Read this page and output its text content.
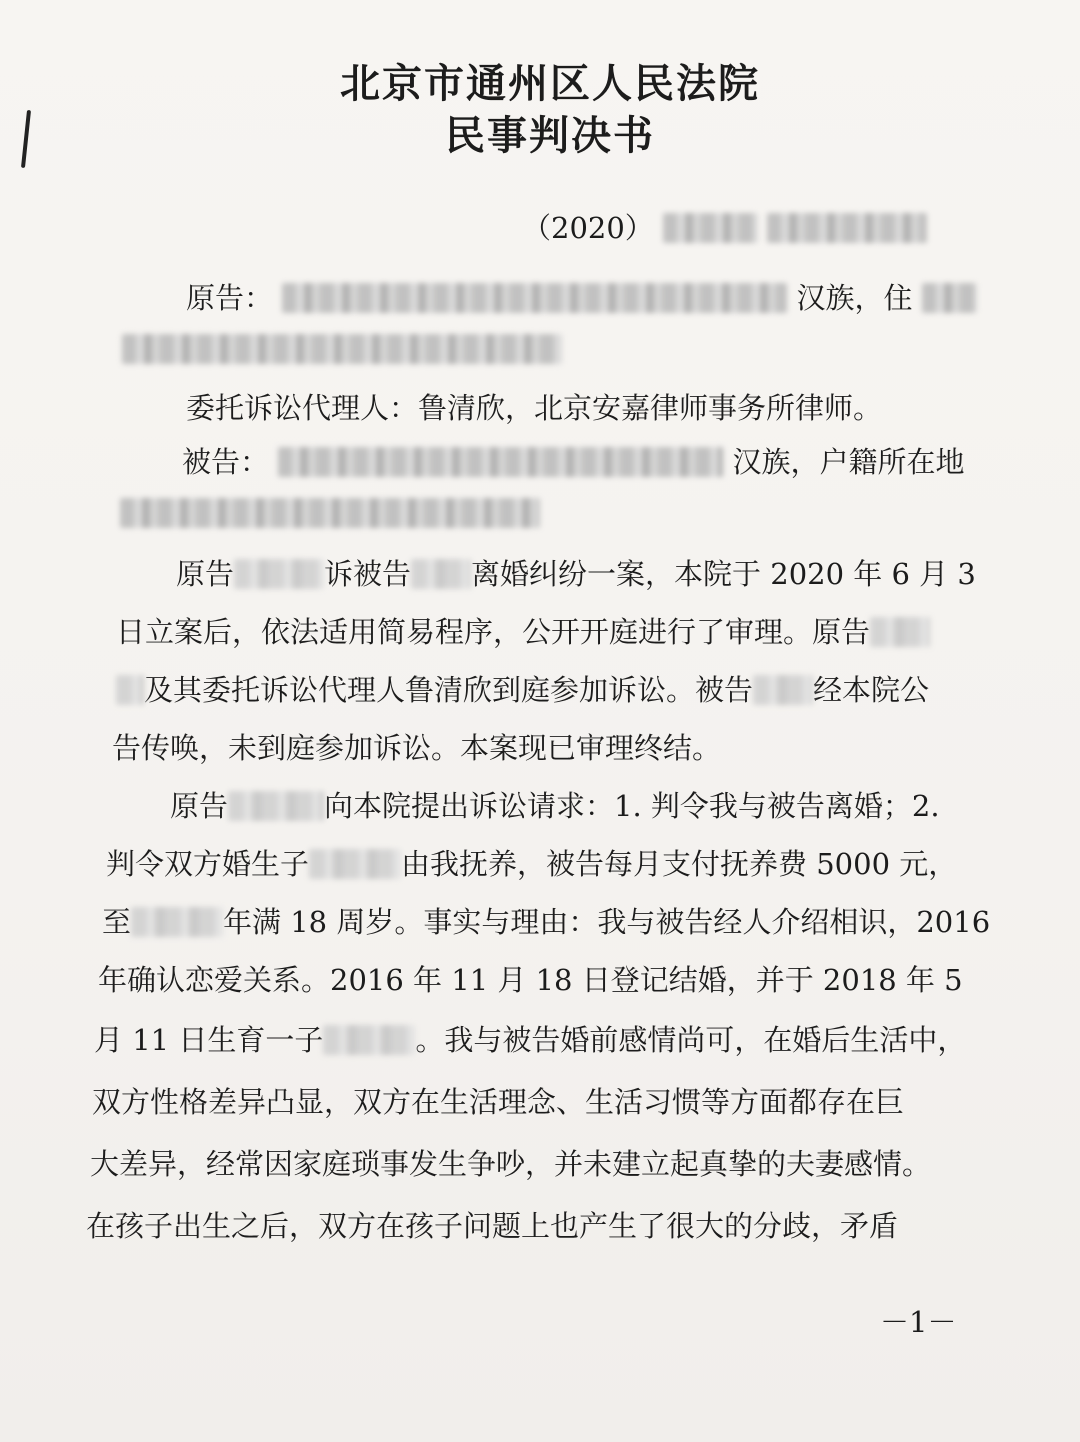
北京市通州区人民法院
民事判决书
（2020）
原告：	汉族，住
委托诉讼代理人：鲁清欣，北京安嘉律师事务所律师。
被告：	汉族，户籍所在地
原告	诉被告 离婚纠纷一案，本院于 2020 年 6 月 3
日立案后，依法适用简易程序，公开开庭进行了审理。原告
及其委托诉讼代理人鲁清欣到庭参加诉讼。被告 经本院公
告传唤，未到庭参加诉讼。本案现已审理终结。
原告	向本院提出诉讼请求：1. 判令我与被告离婚；2.
判令双方婚生子	由我抚养，被告每月支付抚养费 5000 元，
至	年满 18 周岁。事实与理由：我与被告经人介绍相识，2016
年确认恋爱关系。2016 年 11 月 18 日登记结婚，并于 2018 年 5
月 11 日生育一子	。我与被告婚前感情尚可，在婚后生活中，
双方性格差异凸显，双方在生活理念、生活习惯等方面都存在巨
大差异，经常因家庭琐事发生争吵，并未建立起真挚的夫妻感情。
在孩子出生之后，双方在孩子问题上也产生了很大的分歧，矛盾
－1－
